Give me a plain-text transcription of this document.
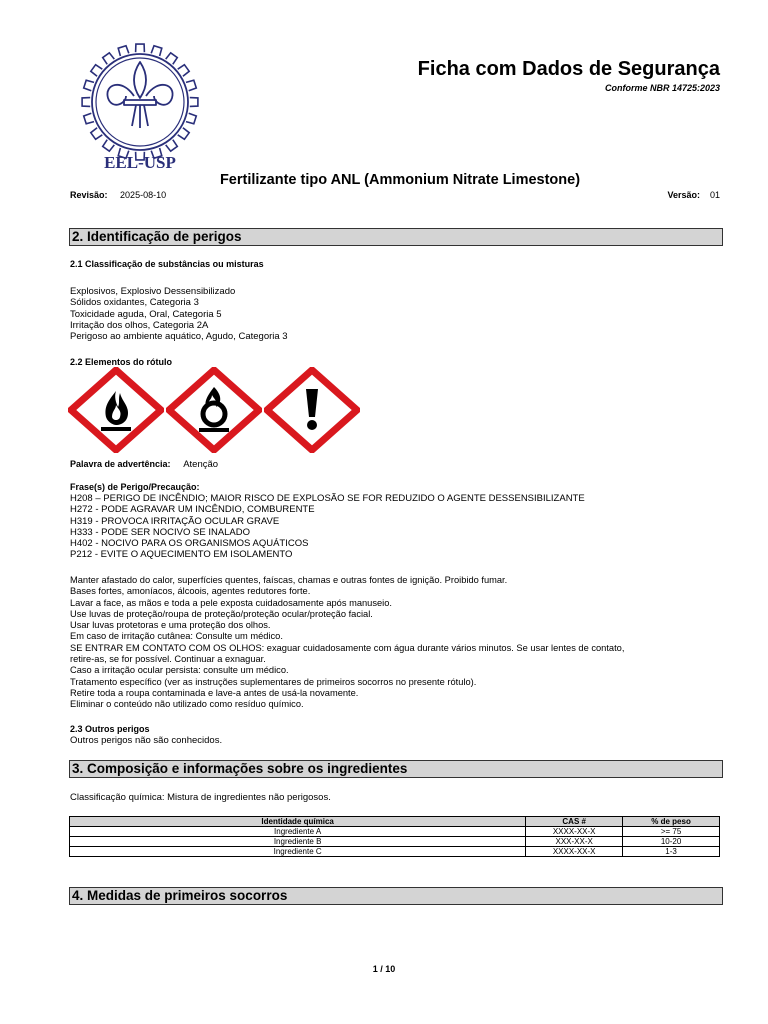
EEL-USP
Ficha com Dados de Segurança
Conforme NBR 14725:2023
Fertilizante tipo ANL (Ammonium Nitrate Limestone)
Revisão: 2025-08-10	Versão: 01
2. Identificação de perigos
2.1 Classificação de substâncias ou misturas
Explosivos, Explosivo Dessensibilizado
Sólidos oxidantes, Categoria 3
Toxicidade aguda, Oral, Categoria 5
Irritação dos olhos, Categoria 2A
Perigoso ao ambiente aquático, Agudo, Categoria 3
2.2 Elementos do rótulo
Palavra de advertência: Atenção
Frase(s) de Perigo/Precaução:
H208 – PERIGO DE INCÊNDIO; MAIOR RISCO DE EXPLOSÃO SE FOR REDUZIDO O AGENTE DESSENSIBILIZANTE
H272 - PODE AGRAVAR UM INCÊNDIO, COMBURENTE
H319 - PROVOCA IRRITAÇÃO OCULAR GRAVE
H333 - PODE SER NOCIVO SE INALADO
H402 - NOCIVO PARA OS ORGANISMOS AQUÁTICOS
P212 - EVITE O AQUECIMENTO EM ISOLAMENTO
Manter afastado do calor, superfícies quentes, faíscas, chamas e outras fontes de ignição. Proibido fumar.
Bases fortes, amoníacos, álcoois, agentes redutores forte.
Lavar a face, as mãos e toda a pele exposta cuidadosamente após manuseio.
Use luvas de proteção/roupa de proteção/proteção ocular/proteção facial.
Usar luvas protetoras e uma proteção dos olhos.
Em caso de irritação cutânea: Consulte um médico.
SE ENTRAR EM CONTATO COM OS OLHOS: exaguar cuidadosamente com água durante vários minutos. Se usar lentes de contato,
retire-as, se for possível. Continuar a exnaguar.
Caso a irritação ocular persista: consulte um médico.
Tratamento específico (ver as instruções suplementares de primeiros socorros no presente rótulo).
Retire toda a roupa contaminada e lave-a antes de usá-la novamente.
Eliminar o conteúdo não utilizado como resíduo químico.
2.3 Outros perigos
Outros perigos não são conhecidos.
3. Composição e informações sobre os ingredientes
Classificação química: Mistura de ingredientes não perigosos.
Identidade química	CAS #	% de peso
Ingrediente A	XXXX-XX-X	>= 75
Ingrediente B	XXX-XX-X	10-20
Ingrediente C	XXXX-XX-X	1-3
4. Medidas de primeiros socorros
1 / 10
